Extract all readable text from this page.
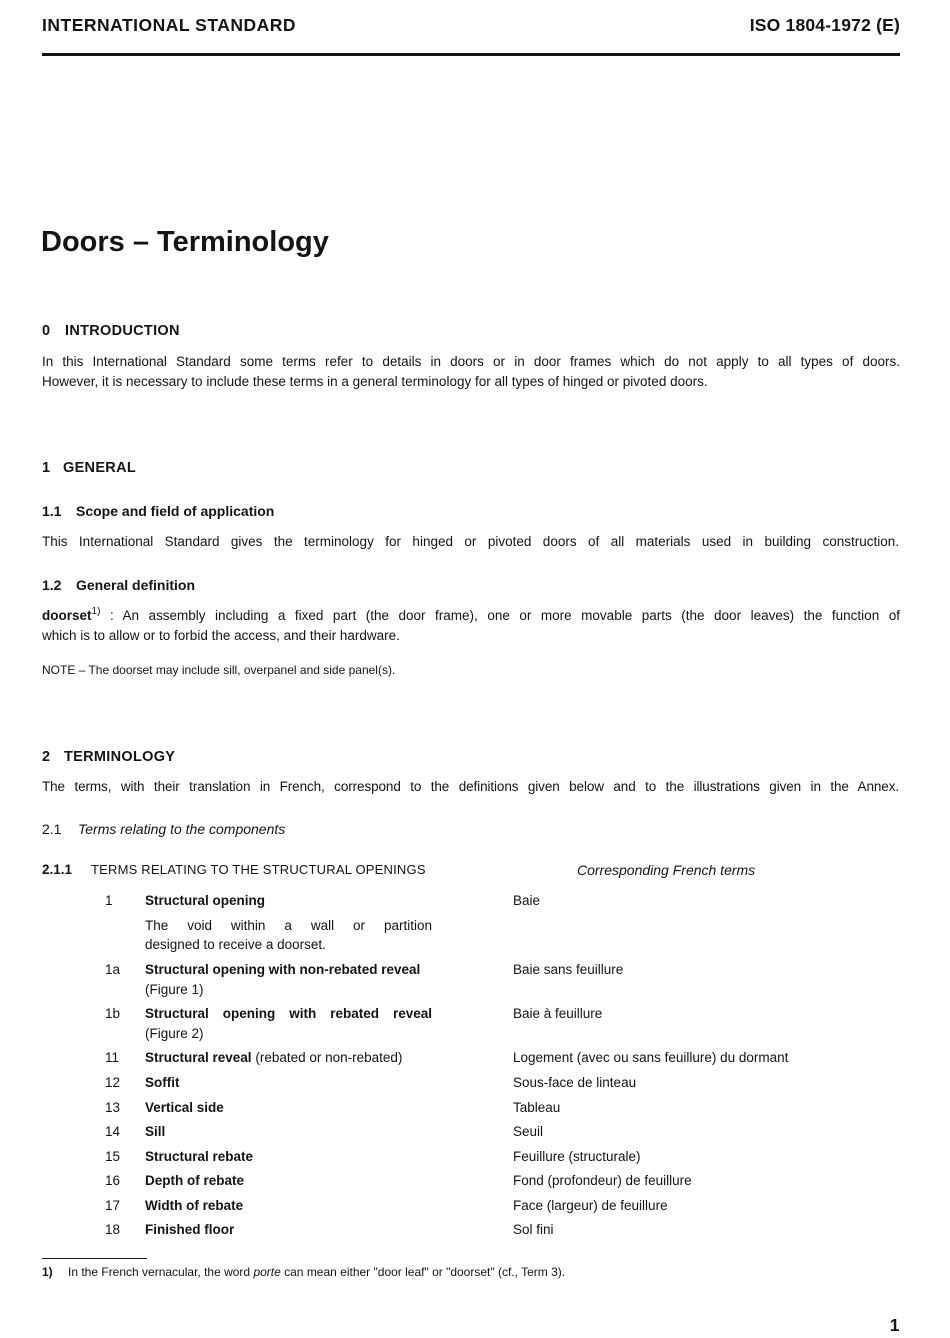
INTERNATIONAL STANDARD	ISO 1804-1972 (E)
Doors – Terminology
0 INTRODUCTION
In this International Standard some terms refer to details in doors or in door frames which do not apply to all types of doors.
However, it is necessary to include these terms in a general terminology for all types of hinged or pivoted doors.
1 GENERAL
1.1 Scope and field of application
This International Standard gives the terminology for hinged or pivoted doors of all materials used in building construction.
1.2 General definition
doorset$^{1)}$ : An assembly including a fixed part (the door frame), one or more movable parts (the door leaves) the function of
which is to allow or to forbid the access, and their hardware.
NOTE – The doorset may include sill, overpanel and side panel(s).
2 TERMINOLOGY
The terms, with their translation in French, correspond to the definitions given below and to the illustrations given in the Annex.
2.1 Terms relating to the components
2.1.1 TERMS RELATING TO THE STRUCTURAL OPENINGS	Corresponding French terms
1 Structural opening	Baie
The void within a wall or partition
designed to receive a doorset.
1a Structural opening with non-rebated reveal	Baie sans feuillure
(Figure 1)
1b Structural opening with rebated reveal	Baie à feuillure
(Figure 2)
11 Structural reveal (rebated or non-rebated)	Logement (avec ou sans feuillure) du dormant
12 Soffit	Sous-face de linteau
13 Vertical side	Tableau
14 Sill	Seuil
15 Structural rebate	Feuillure (structurale)
16 Depth of rebate	Fond (profondeur) de feuillure
17 Width of rebate	Face (largeur) de feuillure
18 Finished floor	Sol fini
1) In the French vernacular, the word porte can mean either "door leaf" or "doorset" (cf., Term 3).
1
